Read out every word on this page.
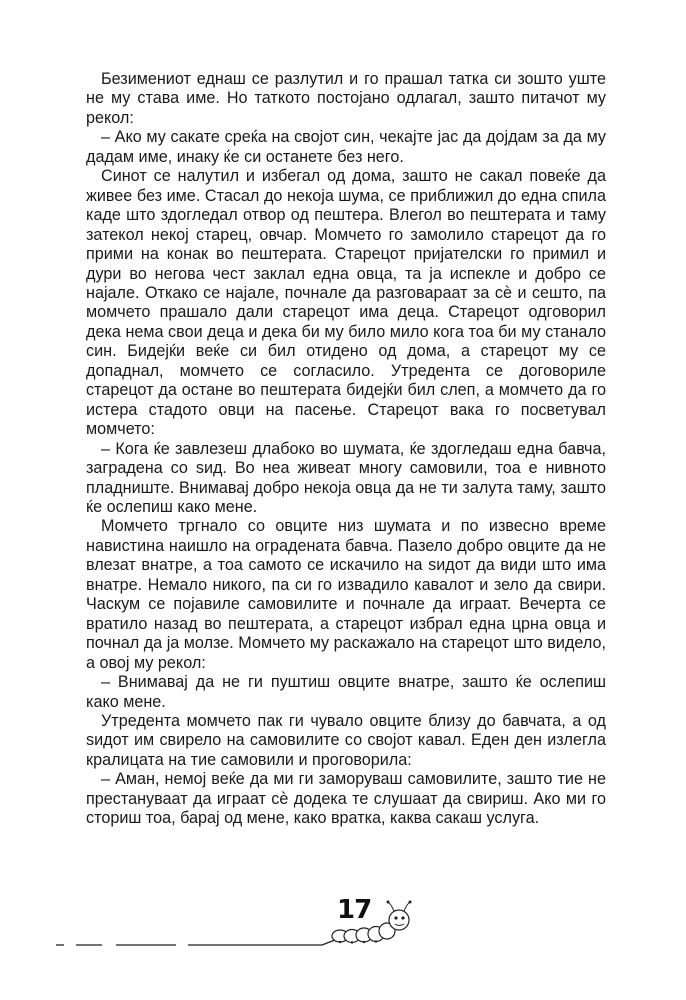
Безимениот еднаш се разлутил и го прашал татка си зошто уште не му става име. Но таткото постојано одлагал, зашто питачот му рекол:

– Ако му сакате среќа на својот син, чекајте јас да дојдам за да му дадам име, инаку ќе си останете без него.

Синот се налутил и избегал од дома, зашто не сакал повеќе да живее без име. Стасал до некоја шума, се приближил до една спила каде што здогледал отвор од пештера. Влегол во пештерата и таму затекол некој старец, овчар. Момчето го замолило старецот да го прими на конак во пештерата. Старецот пријателски го примил и дури во негова чест заклал една овца, та ја испекле и добро се најале. Откако се најале, почнале да разговараат за сѐ и сешто, па момчето прашало дали старецот има деца. Старецот одговорил дека нема свои деца и дека би му било мило кога тоа би му станало син. Бидејќи веќе си бил отидено од дома, а старецот му се допаднал, момчето се согласило. Утредента се договориле старецот да остане во пештерата бидејќи бил слеп, а момчето да го истера стадото овци на пасење. Старецот вака го посветувал момчето:

– Кога ќе завлезеш длабоко во шумата, ќе здогледаш една бавча, заградена со ѕид. Во неа живеат многу самовили, тоа е нивното пладниште. Внимавај добро некоја овца да не ти залута таму, зашто ќе ослепиш како мене.

Момчето тргнало со овците низ шумата и по извесно време навистина наишло на оградената бавча. Пазело добро овците да не влезат внатре, а тоа самото се искачило на ѕидот да види што има внатре. Немало никого, па си го извадило кавалот и зело да свири. Часкум се појавиле самовилите и почнале да играат. Вечерта се вратило назад во пештерата, а старецот избрал една црна овца и почнал да ја молзе. Момчето му раскажало на старецот што видело, а овој му рекол:

– Внимавај да не ги пуштиш овците внатре, зашто ќе ослепиш како мене.

Утредента момчето пак ги чувало овците близу до бавчата, а од ѕидот им свирело на самовилите со својот кавал. Еден ден излегла кралицата на тие самовили и проговорила:

– Аман, немој веќе да ми ги заморуваш самовилите, зашто тие не престануваат да играат сѐ додека те слушаат да свириш. Ако ми го сториш тоа, барај од мене, како вратка, каква сакаш услуга.

17
